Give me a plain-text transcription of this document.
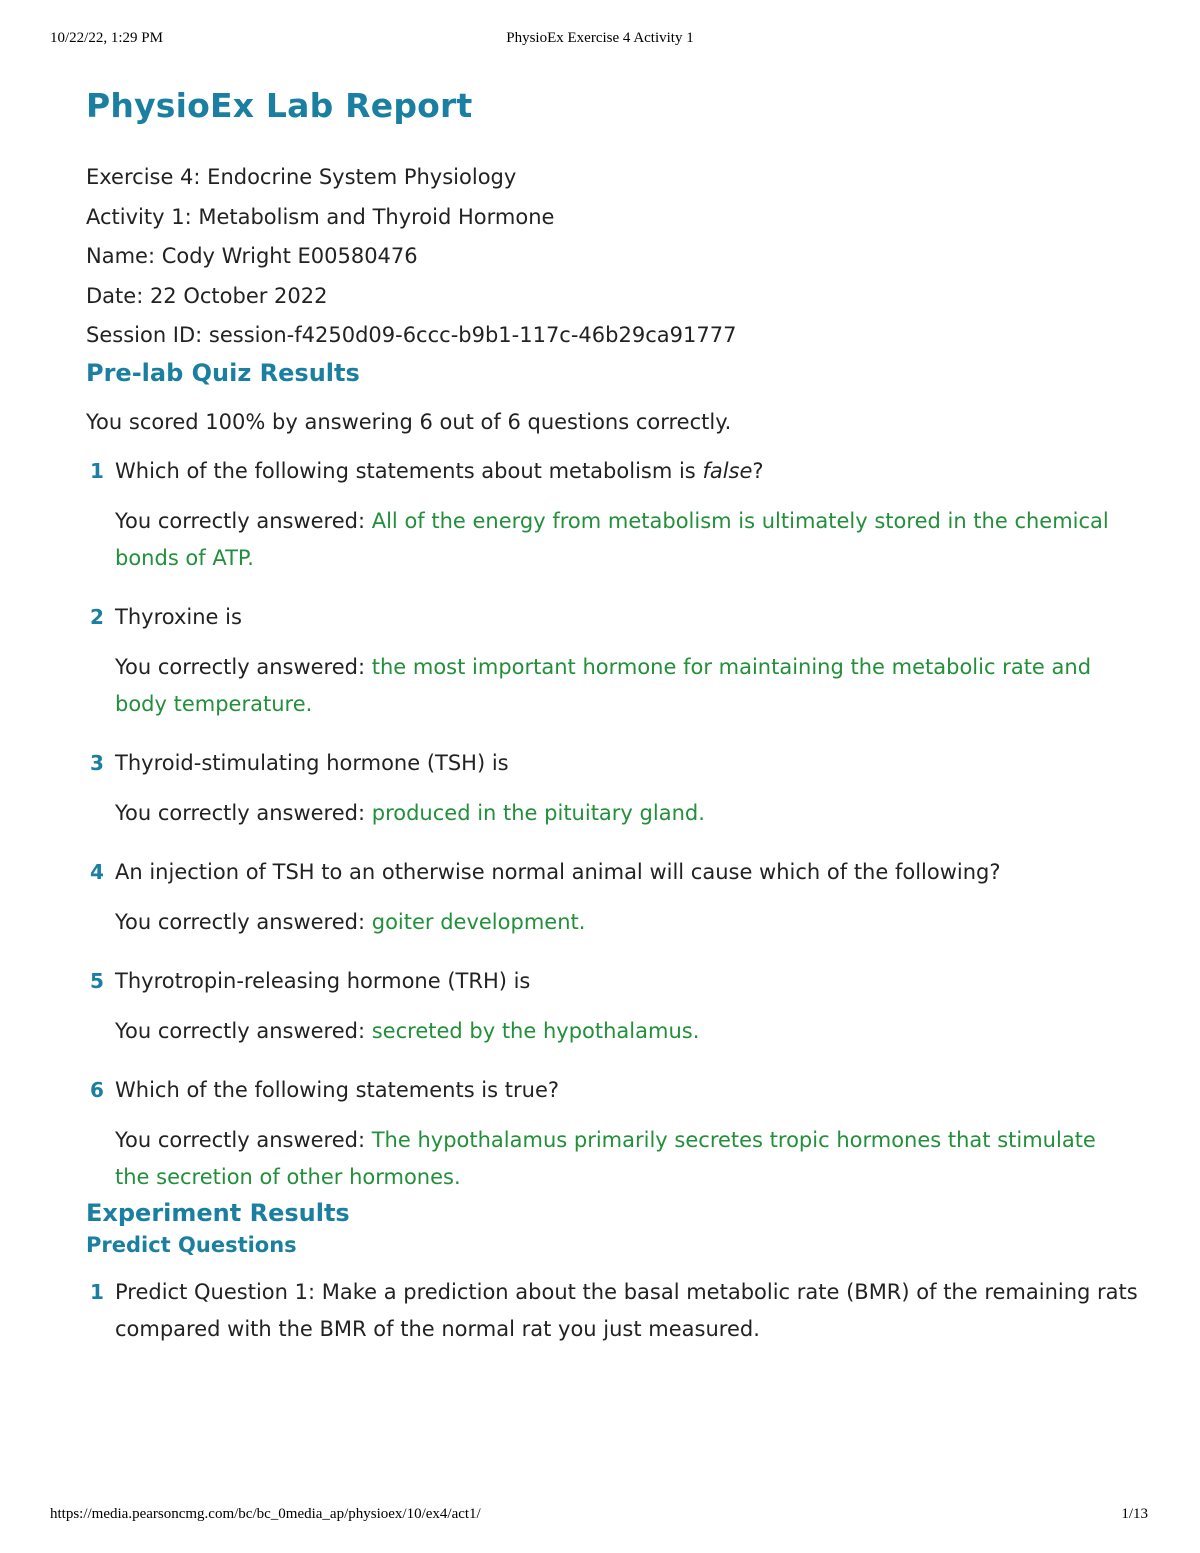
10/22/22, 1:29 PM	PhysioEx Exercise 4 Activity 1
PhysioEx Lab Report
Exercise 4: Endocrine System Physiology
Activity 1: Metabolism and Thyroid Hormone
Name: Cody Wright E00580476
Date: 22 October 2022
Session ID: session-f4250d09-6ccc-b9b1-117c-46b29ca91777
Pre-lab Quiz Results
You scored 100% by answering 6 out of 6 questions correctly.
1 Which of the following statements about metabolism is false?
You correctly answered: All of the energy from metabolism is ultimately stored in the chemical bonds of ATP.
2 Thyroxine is
You correctly answered: the most important hormone for maintaining the metabolic rate and body temperature.
3 Thyroid-stimulating hormone (TSH) is
You correctly answered: produced in the pituitary gland.
4 An injection of TSH to an otherwise normal animal will cause which of the following?
You correctly answered: goiter development.
5 Thyrotropin-releasing hormone (TRH) is
You correctly answered: secreted by the hypothalamus.
6 Which of the following statements is true?
You correctly answered: The hypothalamus primarily secretes tropic hormones that stimulate the secretion of other hormones.
Experiment Results
Predict Questions
1 Predict Question 1: Make a prediction about the basal metabolic rate (BMR) of the remaining rats compared with the BMR of the normal rat you just measured.
https://media.pearsoncmg.com/bc/bc_0media_ap/physioex/10/ex4/act1/	1/13
